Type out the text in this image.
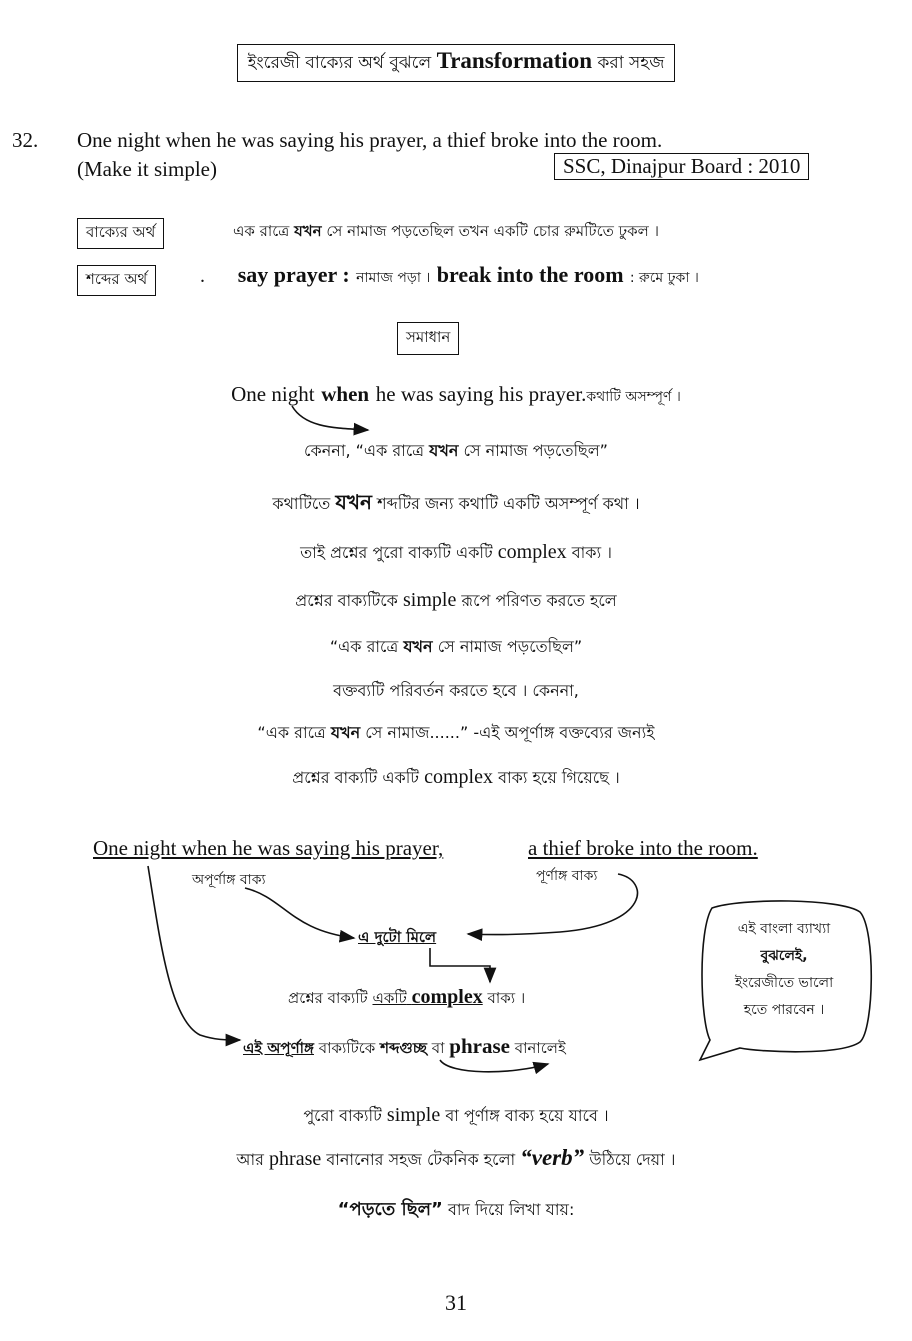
ইংরেজী বাক্যের অর্থ বুঝলে Transformation করা সহজ
32. One night when he was saying his prayer, a thief broke into the room.
(Make it simple)	SSC, Dinajpur Board : 2010
বাক্যের অর্থ	এক রাত্রে যখন সে নামাজ পড়তেছিল তখন একটি চোর রুমটিতে ঢুকল ।
শব্দের অর্থ	. say prayer : নামাজ পড়া । break into the room : রুমে ঢুকা ।
সমাধান
One night when he was saying his prayer.কথাটি অসম্পূর্ণ ।
কেননা, “এক রাত্রে যখন সে নামাজ পড়তেছিল”
কথাটিতে যখন শব্দটির জন্য কথাটি একটি অসম্পূর্ণ কথা ।
তাই প্রশ্নের পুরো বাক্যটি একটি complex বাক্য ।
প্রশ্নের বাক্যটিকে simple রূপে পরিণত করতে হলে
“এক রাত্রে যখন সে নামাজ পড়তেছিল”
বক্তব্যটি পরিবর্তন করতে হবে । কেননা,
“এক রাত্রে যখন সে নামাজ......” -এই অপূর্ণাঙ্গ বক্তব্যের জন্যই
প্রশ্নের বাক্যটি একটি complex বাক্য হয়ে গিয়েছে ।
One night when he was saying his prayer,	a thief broke into the room.
অপূর্ণাঙ্গ বাক্য	পূর্ণাঙ্গ বাক্য
এ দুটো মিলে
প্রশ্নের বাক্যটি একটি complex বাক্য ।
এই অপূর্ণাঙ্গ বাক্যটিকে শব্দগুচ্ছ বা phrase বানালেই
এই বাংলা ব্যাখ্যা
বুঝলেই,
ইংরেজীতে ভালো
হতে পারবেন ।
পুরো বাক্যটি simple বা পূর্ণাঙ্গ বাক্য হয়ে যাবে ।
আর phrase বানানোর সহজ টেকনিক হলো “verb” উঠিয়ে দেয়া ।
“পড়তে ছিল” বাদ দিয়ে লিখা যায়:
31
